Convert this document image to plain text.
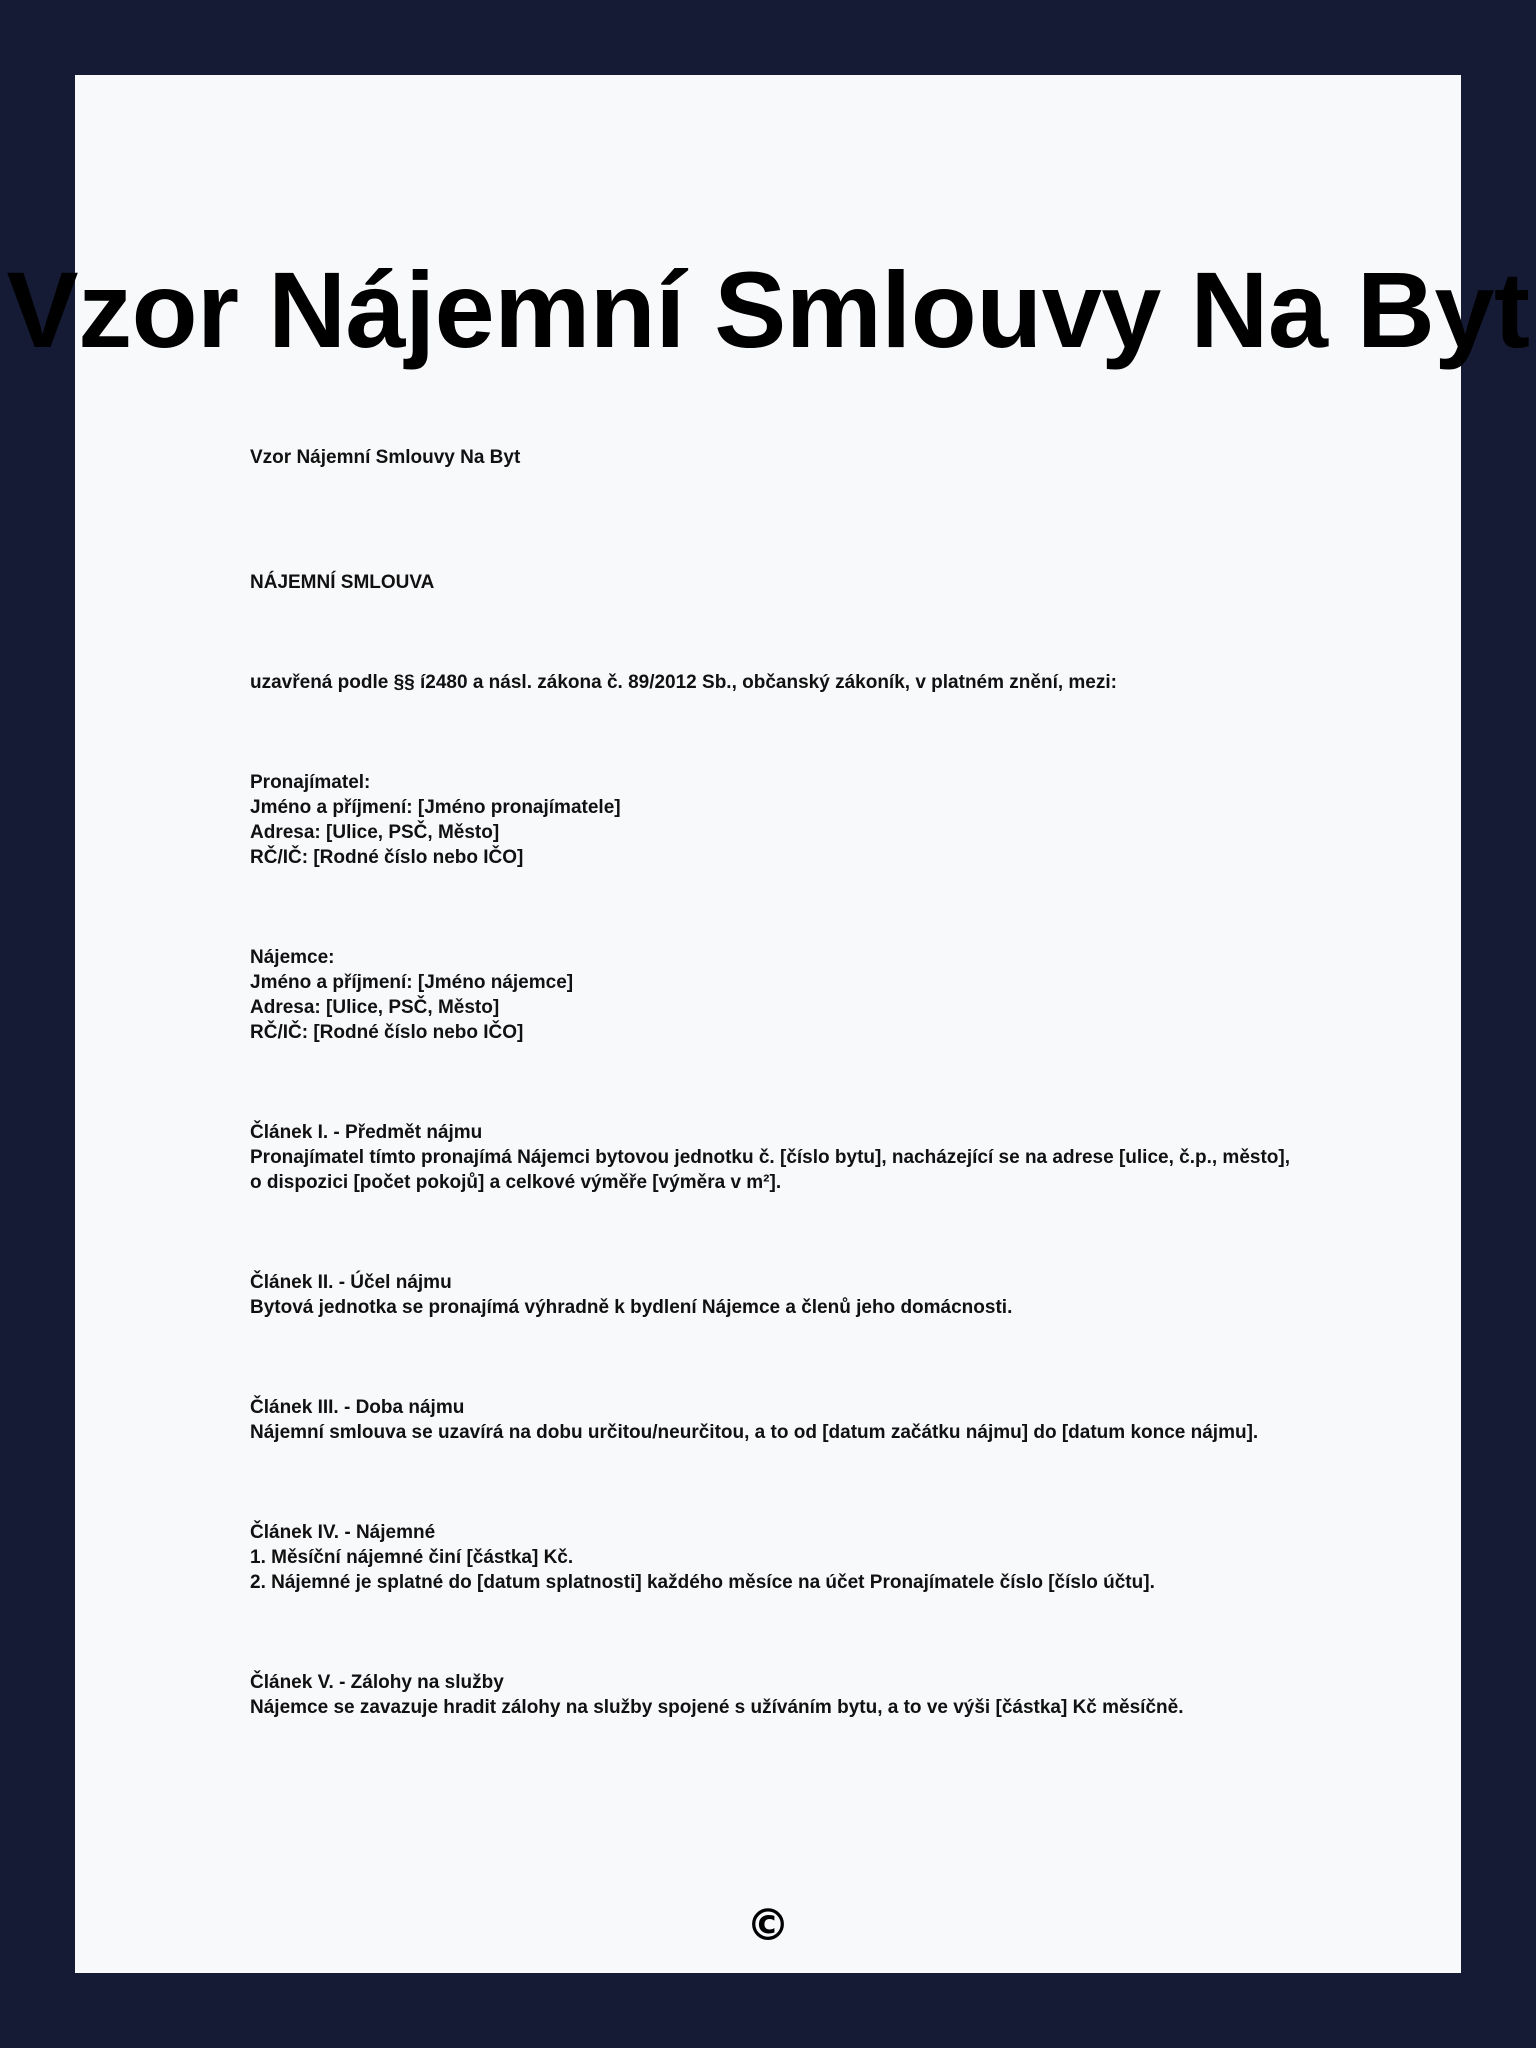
Vzor Nájemní Smlouvy Na Byt

Vzor Nájemní Smlouvy Na Byt

NÁJEMNÍ SMLOUVA

uzavřená podle §§ í2480 a násl. zákona č. 89/2012 Sb., občanský zákoník, v platném znění, mezi:

Pronajímatel:

Jméno a příjmení: [Jméno pronajímatele]

Adresa: [Ulice, PSČ, Město]

RČ/IČ: [Rodné číslo nebo IČO]

Nájemce:

Jméno a příjmení: [Jméno nájemce]

Adresa: [Ulice, PSČ, Město]

RČ/IČ: [Rodné číslo nebo IČO]

Článek I. - Předmět nájmu

Pronajímatel tímto pronajímá Nájemci bytovou jednotku č. [číslo bytu], nacházející se na adrese [ulice, č.p., město], o dispozici [počet pokojů] a celkové výměře [výměra v m²].

Článek II. - Účel nájmu

Bytová jednotka se pronajímá výhradně k bydlení Nájemce a členů jeho domácnosti.

Článek III. - Doba nájmu

Nájemní smlouva se uzavírá na dobu určitou/neurčitou, a to od [datum začátku nájmu] do [datum konce nájmu].

Článek IV. - Nájemné

1. Měsíční nájemné činí [částka] Kč.

2. Nájemné je splatné do [datum splatnosti] každého měsíce na účet Pronajímatele číslo [číslo účtu].

Článek V. - Zálohy na služby

Nájemce se zavazuje hradit zálohy na služby spojené s užíváním bytu, a to ve výši [částka] Kč měsíčně.

©
